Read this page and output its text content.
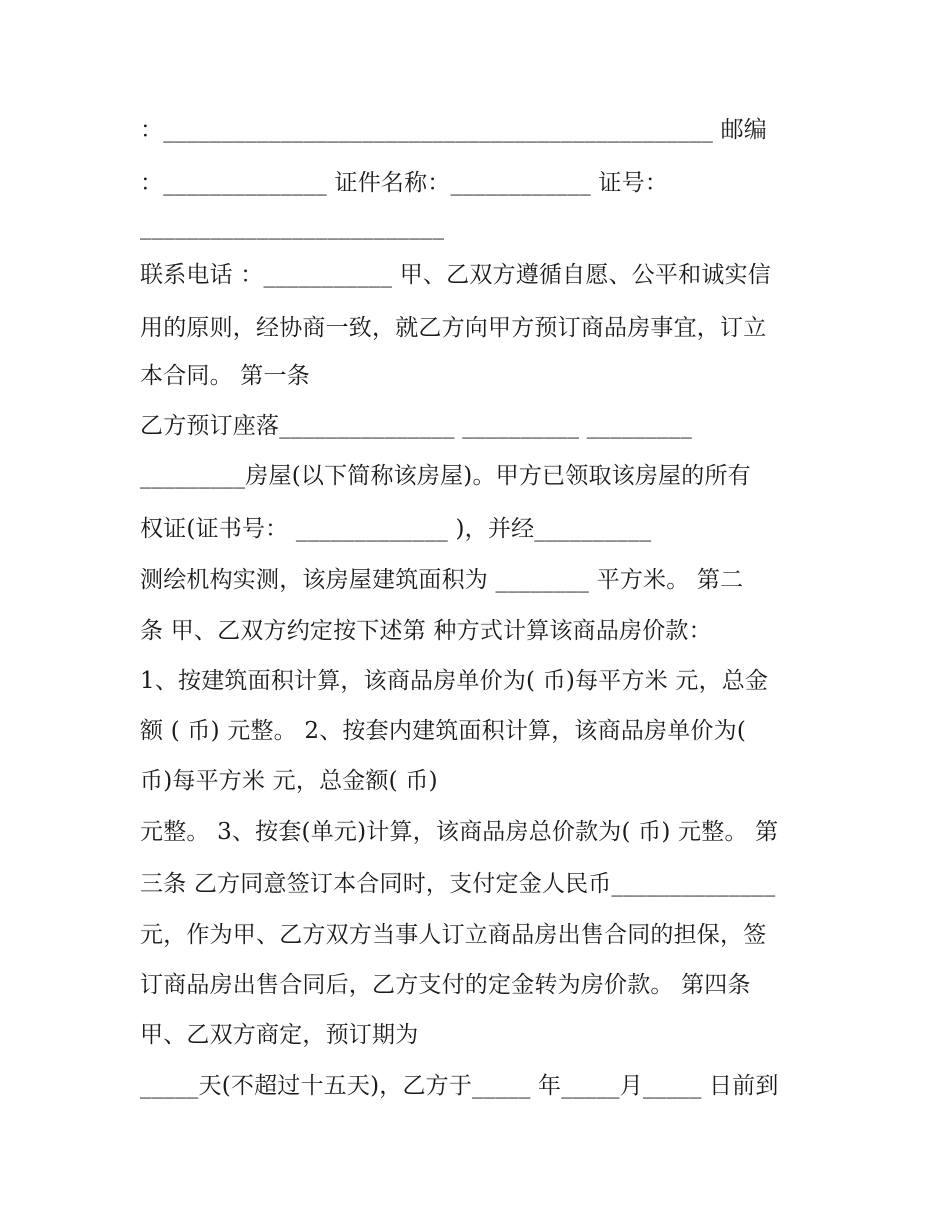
：_______________________________________________ 邮编
：______________ 证件名称：____________ 证号：
__________________________
联系电话 ：___________ 甲、乙双方遵循自愿、公平和诚实信
用的原则，经协商一致，就乙方向甲方预订商品房事宜，订立
本合同。 第一条
乙方预订座落_______________ __________ _________
_________房屋(以下简称该房屋)。甲方已领取该房屋的所有
权证(证书号： _____________ )，并经__________
测绘机构实测，该房屋建筑面积为 ________ 平方米。 第二
条 甲、乙双方约定按下述第 种方式计算该商品房价款：
1、按建筑面积计算，该商品房单价为( 币)每平方米 元，总金
额 ( 币) 元整。 2、按套内建筑面积计算，该商品房单价为(
币)每平方米 元，总金额( 币)
元整。 3、按套(单元)计算，该商品房总价款为( 币) 元整。 第
三条 乙方同意签订本合同时，支付定金人民币______________
元，作为甲、乙方双方当事人订立商品房出售合同的担保，签
订商品房出售合同后，乙方支付的定金转为房价款。 第四条
甲、乙双方商定，预订期为
_____天(不超过十五天)，乙方于_____ 年_____月_____ 日前到
